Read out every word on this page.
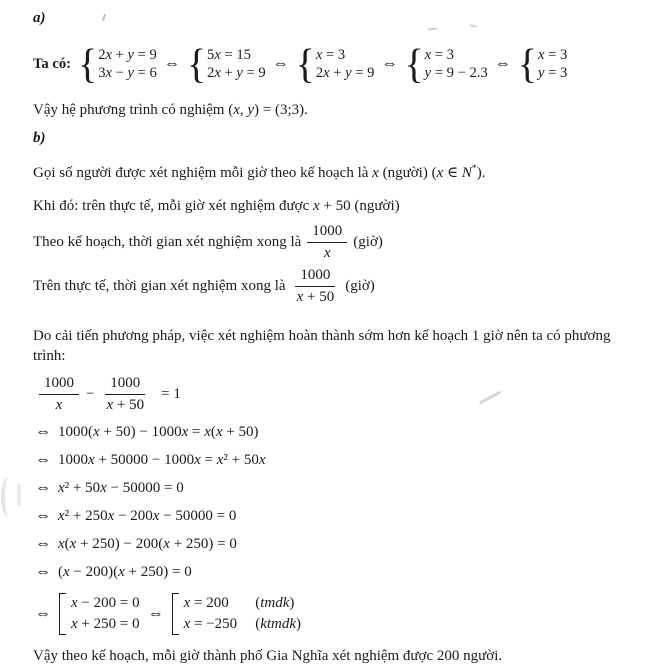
a)
Ta có: { 2x + y = 9
3x − y = 6
⇔ { 5x = 15
2x + y = 9
⇔ { x = 3
2x + y = 9
⇔ { x = 3
y = 9 − 2.3
⇔ { x = 3
y = 3
Vậy hệ phương trình có nghiệm (x, y) = (3;3).
b)
Gọi số người được xét nghiệm mỗi giờ theo kế hoạch là x (người) (x ∈ N*).
Khi đó: trên thực tế, mỗi giờ xét nghiệm được x + 50 (người)
Theo kế hoạch, thời gian xét nghiệm xong là $\frac{1000}{x}$ (giờ)
Trên thực tế, thời gian xét nghiệm xong là $\frac{1000}{x + 50}$ (giờ)
Do cải tiến phương pháp, việc xét nghiệm hoàn thành sớm hơn kế hoạch 1 giờ nên ta có phương trình:
$\frac{1000}{x} - \frac{1000}{x + 50} = 1$
⇔ 1000(x + 50) − 1000x = x(x + 50)
⇔ 1000x + 50000 − 1000x = x² + 50x
⇔ x² + 50x − 50000 = 0
⇔ x² + 250x − 200x − 50000 = 0
⇔ x(x + 250) − 200(x + 250) = 0
⇔ (x − 200)(x + 250) = 0
⇔
x − 200 = 0
x + 250 = 0
⇔
x = 200	(tmdk)
x = −250 (ktmdk)
Vậy theo kế hoạch, mỗi giờ thành phố Gia Nghĩa xét nghiệm được 200 người.
